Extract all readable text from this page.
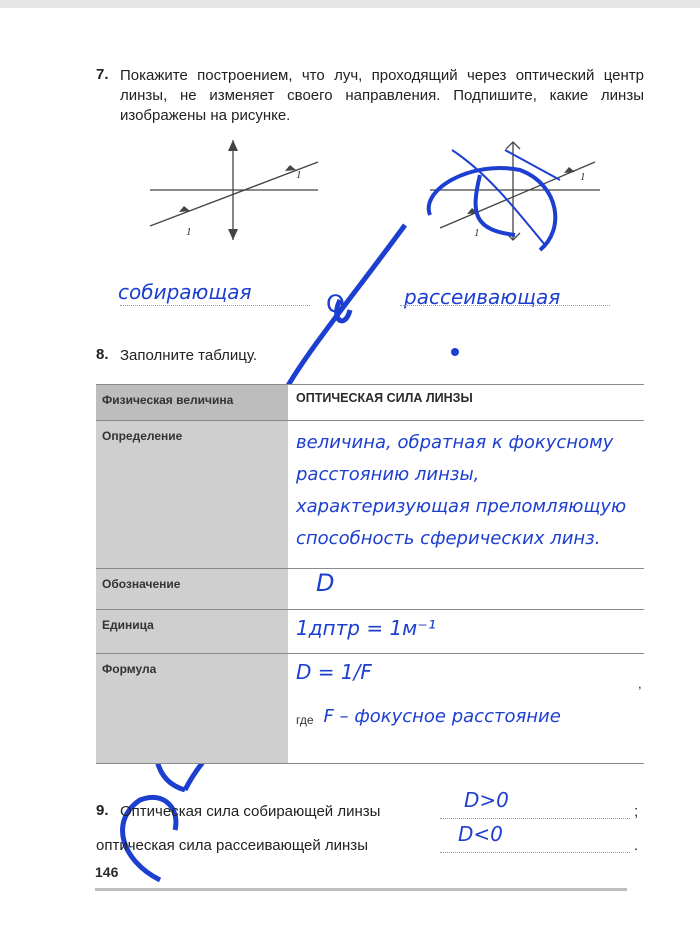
7. Покажите построением, что луч, проходящий через оптический центр линзы, не изменяет своего направления. Подпишите, какие линзы изображены на рисунке.
1
1
1
1
собирающая	рассеивающая
O
8. Заполните таблицу.
Физическая величина	ОПТИЧЕСКАЯ СИЛА ЛИНЗЫ
Определение	величина, обратная к фокусному расстоянию линзы, характеризующая преломляющую способность сферических линз.

Обозначение	D

Единица	1дптр = 1м⁻¹

Формула	D = 1/F ,
где F – фокусное расстояние
9. Оптическая сила собирающей линзы	D>0	;
оптическая сила рассеивающей линзы	D<0	.
146
